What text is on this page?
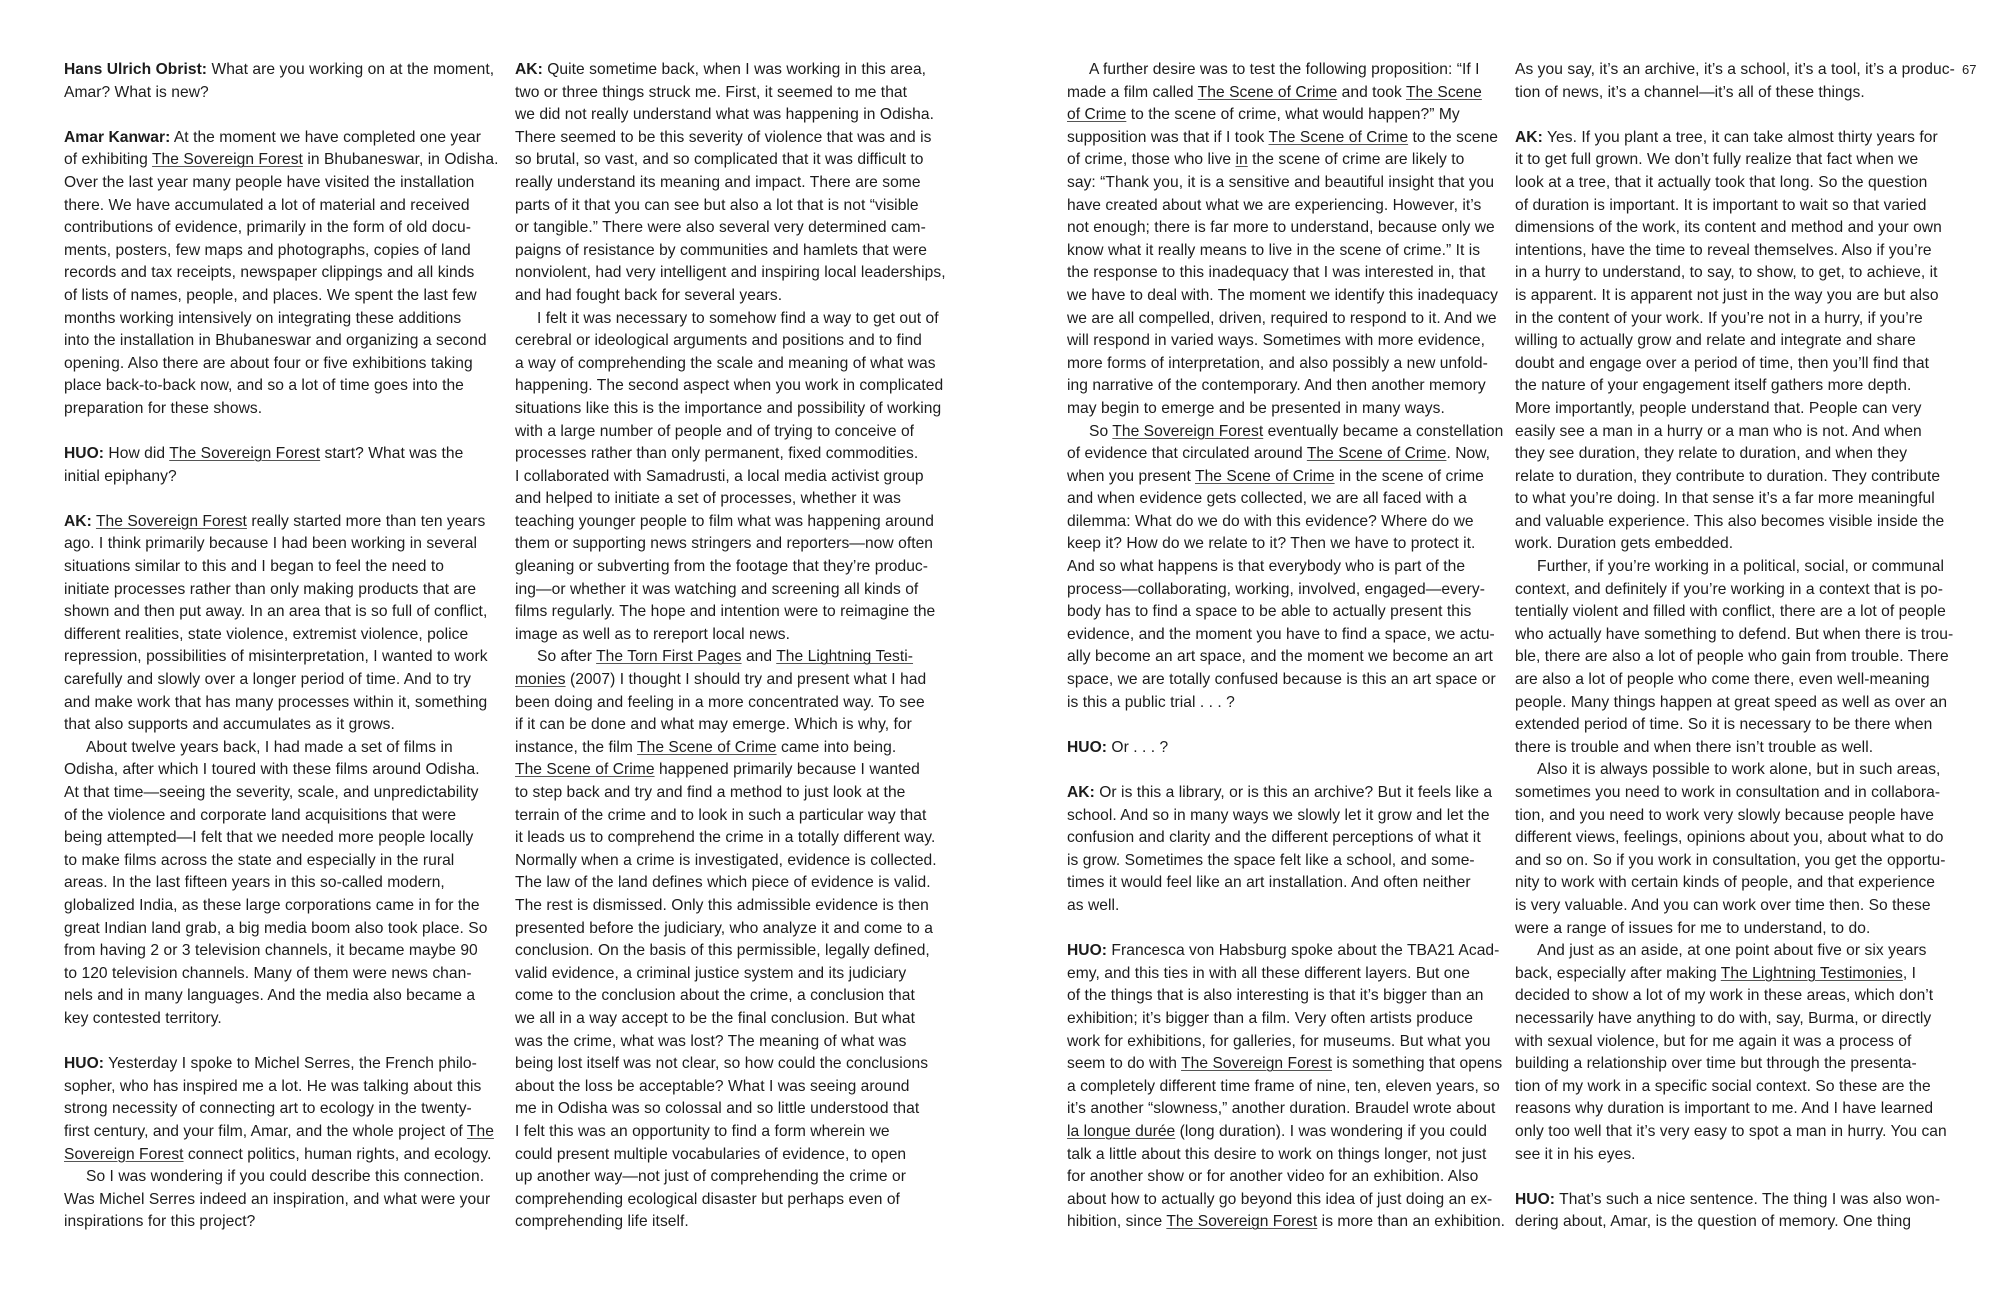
Hans Ulrich Obrist: What are you working on at the moment,
Amar? What is new?
Amar Kanwar: At the moment we have completed one year
of exhibiting The Sovereign Forest in Bhubaneswar, in Odisha.
Over the last year many people have visited the installation
there. We have accumulated a lot of material and received
contributions of evidence, primarily in the form of old docu-
ments, posters, few maps and photographs, copies of land
records and tax receipts, newspaper clippings and all kinds
of lists of names, people, and places. We spent the last few
months working intensively on integrating these additions
into the installation in Bhubaneswar and organizing a second
opening. Also there are about four or five exhibitions taking
place back-to-back now, and so a lot of time goes into the
preparation for these shows.
HUO: How did The Sovereign Forest start? What was the
initial epiphany?
AK: The Sovereign Forest really started more than ten years
ago. I think primarily because I had been working in several
situations similar to this and I began to feel the need to
initiate processes rather than only making products that are
shown and then put away. In an area that is so full of conflict,
different realities, state violence, extremist violence, police
repression, possibilities of misinterpretation, I wanted to work
carefully and slowly over a longer period of time. And to try
and make work that has many processes within it, something
that also supports and accumulates as it grows.
About twelve years back, I had made a set of films in
Odisha, after which I toured with these films around Odisha.
At that time—seeing the severity, scale, and unpredictability
of the violence and corporate land acquisitions that were
being attempted—I felt that we needed more people locally
to make films across the state and especially in the rural
areas. In the last fifteen years in this so-called modern,
globalized India, as these large corporations came in for the
great Indian land grab, a big media boom also took place. So
from having 2 or 3 television channels, it became maybe 90
to 120 television channels. Many of them were news chan-
nels and in many languages. And the media also became a
key contested territory.
HUO: Yesterday I spoke to Michel Serres, the French philo-
sopher, who has inspired me a lot. He was talking about this
strong necessity of connecting art to ecology in the twenty-
first century, and your film, Amar, and the whole project of The
Sovereign Forest connect politics, human rights, and ecology.
So I was wondering if you could describe this connection.
Was Michel Serres indeed an inspiration, and what were your
inspirations for this project?
AK: Quite sometime back, when I was working in this area,
two or three things struck me. First, it seemed to me that
we did not really understand what was happening in Odisha.
There seemed to be this severity of violence that was and is
so brutal, so vast, and so complicated that it was difficult to
really understand its meaning and impact. There are some
parts of it that you can see but also a lot that is not “visible
or tangible.” There were also several very determined cam-
paigns of resistance by communities and hamlets that were
nonviolent, had very intelligent and inspiring local leaderships,
and had fought back for several years.
I felt it was necessary to somehow find a way to get out of
cerebral or ideological arguments and positions and to find
a way of comprehending the scale and meaning of what was
happening. The second aspect when you work in complicated
situations like this is the importance and possibility of working
with a large number of people and of trying to conceive of
processes rather than only permanent, fixed commodities.
I collaborated with Samadrusti, a local media activist group
and helped to initiate a set of processes, whether it was
teaching younger people to film what was happening around
them or supporting news stringers and reporters—now often
gleaning or subverting from the footage that they’re produc-
ing—or whether it was watching and screening all kinds of
films regularly. The hope and intention were to reimagine the
image as well as to rereport local news.
So after The Torn First Pages and The Lightning Testi-
monies (2007) I thought I should try and present what I had
been doing and feeling in a more concentrated way. To see
if it can be done and what may emerge. Which is why, for
instance, the film The Scene of Crime came into being.
The Scene of Crime happened primarily because I wanted
to step back and try and find a method to just look at the
terrain of the crime and to look in such a particular way that
it leads us to comprehend the crime in a totally different way.
Normally when a crime is investigated, evidence is collected.
The law of the land defines which piece of evidence is valid.
The rest is dismissed. Only this admissible evidence is then
presented before the judiciary, who analyze it and come to a
conclusion. On the basis of this permissible, legally defined,
valid evidence, a criminal justice system and its judiciary
come to the conclusion about the crime, a conclusion that
we all in a way accept to be the final conclusion. But what
was the crime, what was lost? The meaning of what was
being lost itself was not clear, so how could the conclusions
about the loss be acceptable? What I was seeing around
me in Odisha was so colossal and so little understood that
I felt this was an opportunity to find a form wherein we
could present multiple vocabularies of evidence, to open
up another way—not just of comprehending the crime or
comprehending ecological disaster but perhaps even of
comprehending life itself.
A further desire was to test the following proposition: “If I
made a film called The Scene of Crime and took The Scene
of Crime to the scene of crime, what would happen?” My
supposition was that if I took The Scene of Crime to the scene
of crime, those who live in the scene of crime are likely to
say: “Thank you, it is a sensitive and beautiful insight that you
have created about what we are experiencing. However, it’s
not enough; there is far more to understand, because only we
know what it really means to live in the scene of crime.” It is
the response to this inadequacy that I was interested in, that
we have to deal with. The moment we identify this inadequacy
we are all compelled, driven, required to respond to it. And we
will respond in varied ways. Sometimes with more evidence,
more forms of interpretation, and also possibly a new unfold-
ing narrative of the contemporary. And then another memory
may begin to emerge and be presented in many ways.
So The Sovereign Forest eventually became a constellation
of evidence that circulated around The Scene of Crime. Now,
when you present The Scene of Crime in the scene of crime
and when evidence gets collected, we are all faced with a
dilemma: What do we do with this evidence? Where do we
keep it? How do we relate to it? Then we have to protect it.
And so what happens is that everybody who is part of the
process—collaborating, working, involved, engaged—every-
body has to find a space to be able to actually present this
evidence, and the moment you have to find a space, we actu-
ally become an art space, and the moment we become an art
space, we are totally confused because is this an art space or
is this a public trial . . . ?
HUO: Or . . . ?
AK: Or is this a library, or is this an archive? But it feels like a
school. And so in many ways we slowly let it grow and let the
confusion and clarity and the different perceptions of what it
is grow. Sometimes the space felt like a school, and some-
times it would feel like an art installation. And often neither
as well.
HUO: Francesca von Habsburg spoke about the TBA21 Acad-
emy, and this ties in with all these different layers. But one
of the things that is also interesting is that it’s bigger than an
exhibition; it’s bigger than a film. Very often artists produce
work for exhibitions, for galleries, for museums. But what you
seem to do with The Sovereign Forest is something that opens
a completely different time frame of nine, ten, eleven years, so
it’s another “slowness,” another duration. Braudel wrote about
la longue durée (long duration). I was wondering if you could
talk a little about this desire to work on things longer, not just
for another show or for another video for an exhibition. Also
about how to actually go beyond this idea of just doing an ex-
hibition, since The Sovereign Forest is more than an exhibition.
As you say, it’s an archive, it’s a school, it’s a tool, it’s a produc-
tion of news, it’s a channel—it’s all of these things.
AK: Yes. If you plant a tree, it can take almost thirty years for
it to get full grown. We don’t fully realize that fact when we
look at a tree, that it actually took that long. So the question
of duration is important. It is important to wait so that varied
dimensions of the work, its content and method and your own
intentions, have the time to reveal themselves. Also if you’re
in a hurry to understand, to say, to show, to get, to achieve, it
is apparent. It is apparent not just in the way you are but also
in the content of your work. If you’re not in a hurry, if you’re
willing to actually grow and relate and integrate and share
doubt and engage over a period of time, then you’ll find that
the nature of your engagement itself gathers more depth.
More importantly, people understand that. People can very
easily see a man in a hurry or a man who is not. And when
they see duration, they relate to duration, and when they
relate to duration, they contribute to duration. They contribute
to what you’re doing. In that sense it’s a far more meaningful
and valuable experience. This also becomes visible inside the
work. Duration gets embedded.
Further, if you’re working in a political, social, or communal
context, and definitely if you’re working in a context that is po-
tentially violent and filled with conflict, there are a lot of people
who actually have something to defend. But when there is trou-
ble, there are also a lot of people who gain from trouble. There
are also a lot of people who come there, even well-meaning
people. Many things happen at great speed as well as over an
extended period of time. So it is necessary to be there when
there is trouble and when there isn’t trouble as well.
Also it is always possible to work alone, but in such areas,
sometimes you need to work in consultation and in collabora-
tion, and you need to work very slowly because people have
different views, feelings, opinions about you, about what to do
and so on. So if you work in consultation, you get the opportu-
nity to work with certain kinds of people, and that experience
is very valuable. And you can work over time then. So these
were a range of issues for me to understand, to do.
And just as an aside, at one point about five or six years
back, especially after making The Lightning Testimonies, I
decided to show a lot of my work in these areas, which don’t
necessarily have anything to do with, say, Burma, or directly
with sexual violence, but for me again it was a process of
building a relationship over time but through the presenta-
tion of my work in a specific social context. So these are the
reasons why duration is important to me. And I have learned
only too well that it’s very easy to spot a man in hurry. You can
see it in his eyes.
HUO: That’s such a nice sentence. The thing I was also won-
dering about, Amar, is the question of memory. One thing
67
